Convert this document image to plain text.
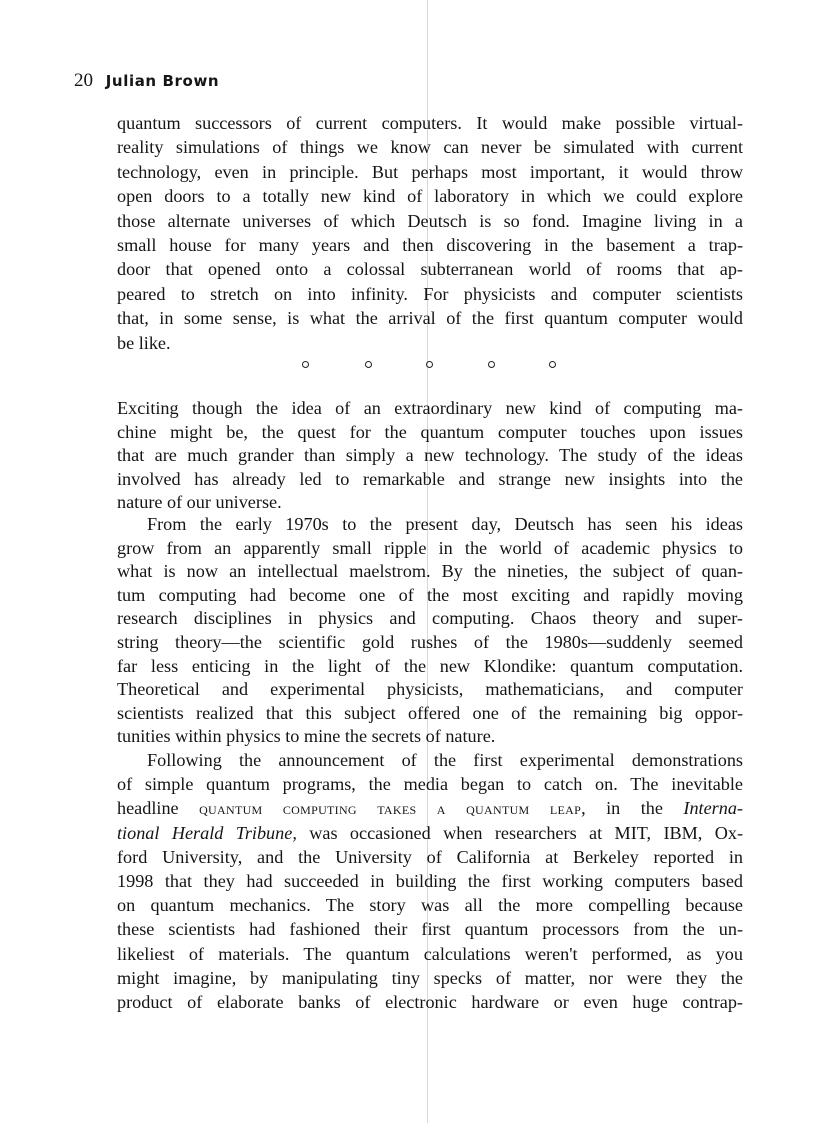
20 Julian Brown
quantum successors of current computers. It would make possible virtual-
reality simulations of things we know can never be simulated with current
technology, even in principle. But perhaps most important, it would throw
open doors to a totally new kind of laboratory in which we could explore
those alternate universes of which Deutsch is so fond. Imagine living in a
small house for many years and then discovering in the basement a trap-
door that opened onto a colossal subterranean world of rooms that ap-
peared to stretch on into infinity. For physicists and computer scientists
that, in some sense, is what the arrival of the first quantum computer would
be like.
Exciting though the idea of an extraordinary new kind of computing ma-
chine might be, the quest for the quantum computer touches upon issues
that are much grander than simply a new technology. The study of the ideas
involved has already led to remarkable and strange new insights into the
nature of our universe.
From the early 1970s to the present day, Deutsch has seen his ideas
grow from an apparently small ripple in the world of academic physics to
what is now an intellectual maelstrom. By the nineties, the subject of quan-
tum computing had become one of the most exciting and rapidly moving
research disciplines in physics and computing. Chaos theory and super-
string theory—the scientific gold rushes of the 1980s—suddenly seemed
far less enticing in the light of the new Klondike: quantum computation.
Theoretical and experimental physicists, mathematicians, and computer
scientists realized that this subject offered one of the remaining big oppor-
tunities within physics to mine the secrets of nature.
Following the announcement of the first experimental demonstrations
of simple quantum programs, the media began to catch on. The inevitable
headline quantum computing takes a quantum leap, in the Interna-
tional Herald Tribune, was occasioned when researchers at MIT, IBM, Ox-
ford University, and the University of California at Berkeley reported in
1998 that they had succeeded in building the first working computers based
on quantum mechanics. The story was all the more compelling because
these scientists had fashioned their first quantum processors from the un-
likeliest of materials. The quantum calculations weren't performed, as you
might imagine, by manipulating tiny specks of matter, nor were they the
product of elaborate banks of electronic hardware or even huge contrap-
